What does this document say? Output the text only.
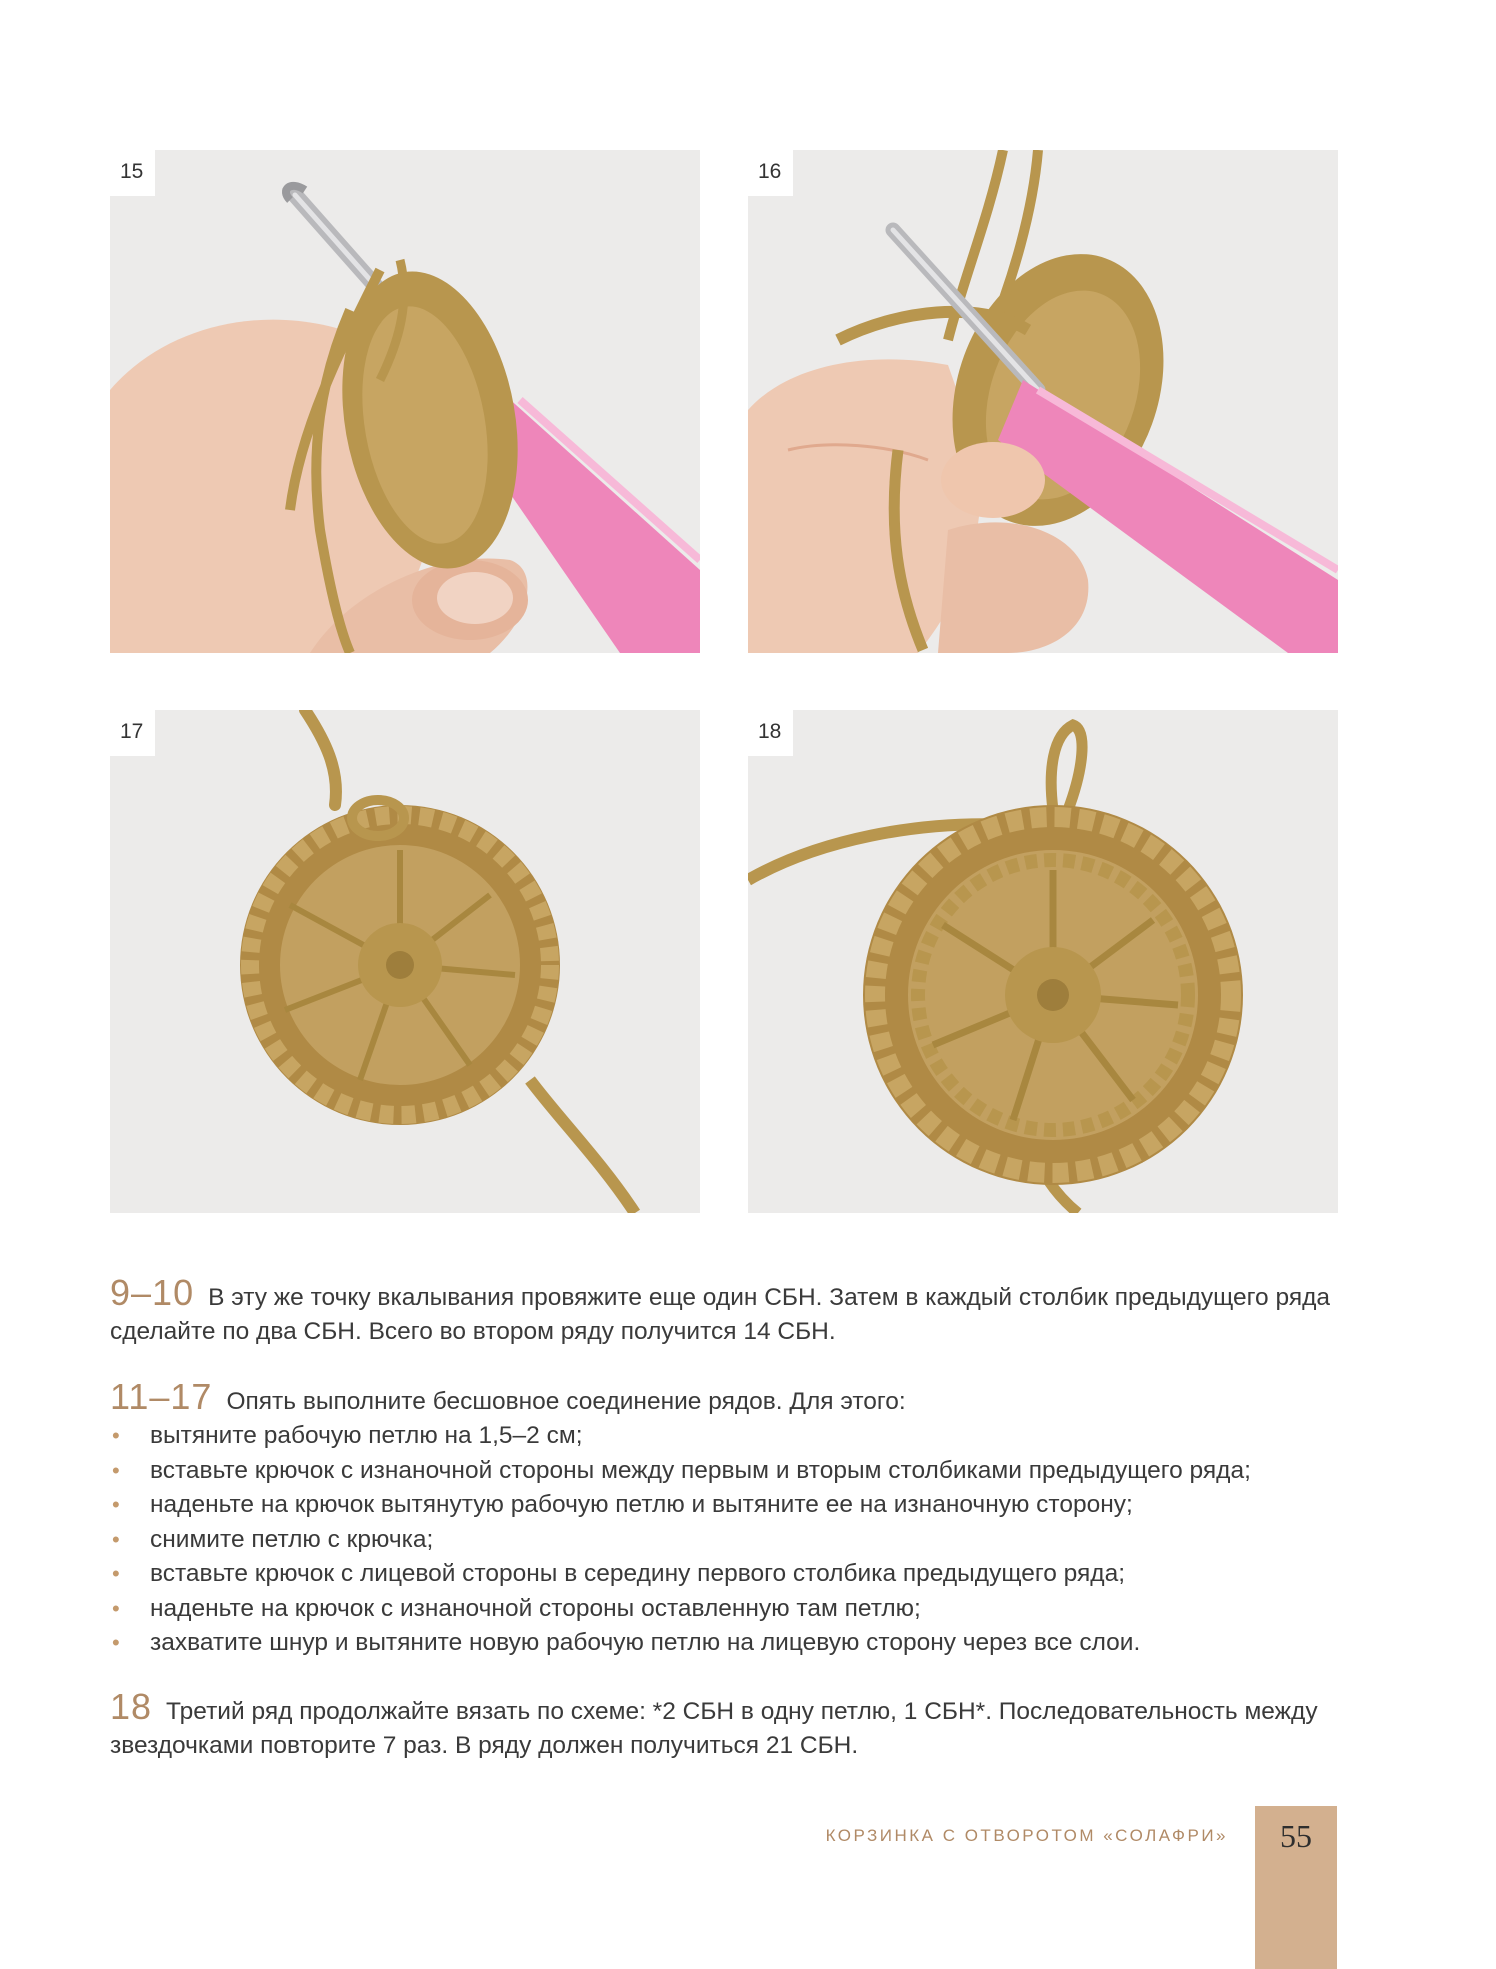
15	16
17	18
9–10 В эту же точку вкалывания провяжите еще один СБН. Затем в каждый столбик предыдущего ряда сделайте по два СБН. Всего во втором ряду получится 14 СБН.
11–17 Опять выполните бесшовное соединение рядов. Для этого:
• вытяните рабочую петлю на 1,5–2 см;
• вставьте крючок с изнаночной стороны между первым и вторым столбиками предыдущего ряда;
• наденьте на крючок вытянутую рабочую петлю и вытяните ее на изнаночную сторону;
• снимите петлю с крючка;
• вставьте крючок с лицевой стороны в середину первого столбика предыдущего ряда;
• наденьте на крючок с изнаночной стороны оставленную там петлю;
• захватите шнур и вытяните новую рабочую петлю на лицевую сторону через все слои.
18 Третий ряд продолжайте вязать по схеме: *2 СБН в одну петлю, 1 СБН*. Последовательность между звездочками повторите 7 раз. В ряду должен получиться 21 СБН.
КОРЗИНКА С ОТВОРОТОМ «СОЛАФРИ»	55
